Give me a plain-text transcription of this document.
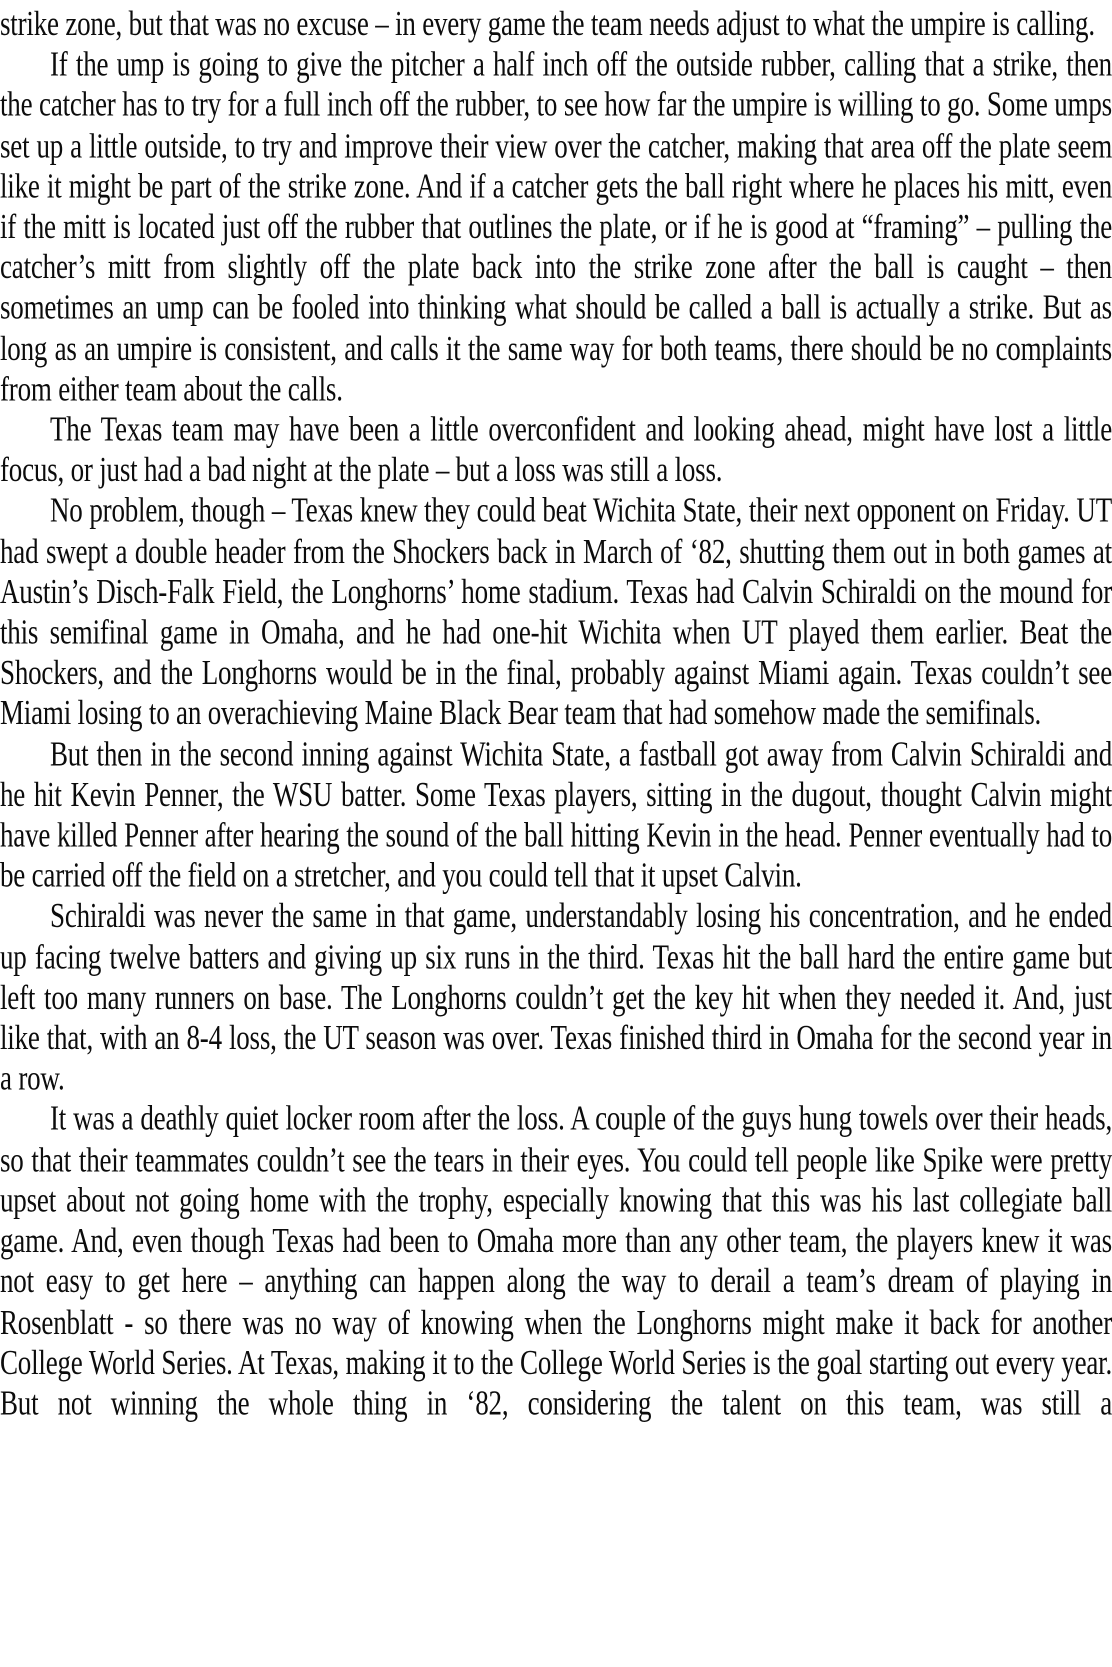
strike zone, but that was no excuse – in every game the team needs adjust to what the umpire is calling.

If the ump is going to give the pitcher a half inch off the outside rubber, calling that a strike, then the catcher has to try for a full inch off the rubber, to see how far the umpire is willing to go. Some umps set up a little outside, to try and improve their view over the catcher, making that area off the plate seem like it might be part of the strike zone. And if a catcher gets the ball right where he places his mitt, even if the mitt is located just off the rubber that outlines the plate, or if he is good at “framing” – pulling the catcher’s mitt from slightly off the plate back into the strike zone after the ball is caught – then sometimes an ump can be fooled into thinking what should be called a ball is actually a strike. But as long as an umpire is consistent, and calls it the same way for both teams, there should be no complaints from either team about the calls.

The Texas team may have been a little overconfident and looking ahead, might have lost a little focus, or just had a bad night at the plate – but a loss was still a loss.

No problem, though – Texas knew they could beat Wichita State, their next opponent on Friday. UT had swept a double header from the Shockers back in March of ‘82, shutting them out in both games at Austin’s Disch-Falk Field, the Longhorns’ home stadium. Texas had Calvin Schiraldi on the mound for this semifinal game in Omaha, and he had one-hit Wichita when UT played them earlier. Beat the Shockers, and the Longhorns would be in the final, probably against Miami again. Texas couldn’t see Miami losing to an overachieving Maine Black Bear team that had somehow made the semifinals.

But then in the second inning against Wichita State, a fastball got away from Calvin Schiraldi and he hit Kevin Penner, the WSU batter. Some Texas players, sitting in the dugout, thought Calvin might have killed Penner after hearing the sound of the ball hitting Kevin in the head. Penner eventually had to be carried off the field on a stretcher, and you could tell that it upset Calvin.

Schiraldi was never the same in that game, understandably losing his concentration, and he ended up facing twelve batters and giving up six runs in the third. Texas hit the ball hard the entire game but left too many runners on base. The Longhorns couldn’t get the key hit when they needed it. And, just like that, with an 8-4 loss, the UT season was over. Texas finished third in Omaha for the second year in a row.

It was a deathly quiet locker room after the loss. A couple of the guys hung towels over their heads, so that their teammates couldn’t see the tears in their eyes. You could tell people like Spike were pretty upset about not going home with the trophy, especially knowing that this was his last collegiate ball game. And, even though Texas had been to Omaha more than any other team, the players knew it was not easy to get here – anything can happen along the way to derail a team’s dream of playing in Rosenblatt - so there was no way of knowing when the Longhorns might make it back for another College World Series. At Texas, making it to the College World Series is the goal starting out every year. But not winning the whole thing in ‘82, considering the talent on this team, was still a
